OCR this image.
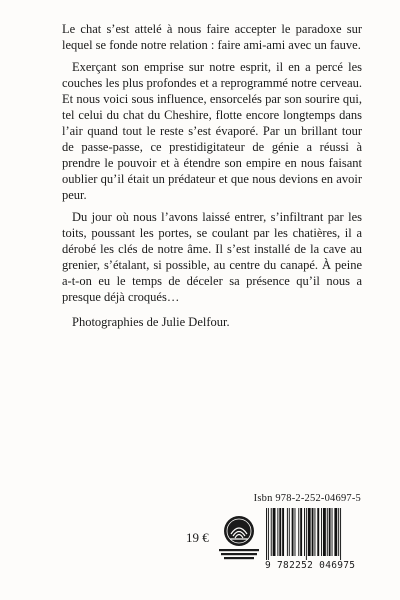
Le chat s’est attelé à nous faire accepter le paradoxe sur lequel se fonde notre relation : faire ami-ami avec un fauve.

Exerçant son emprise sur notre esprit, il en a percé les couches les plus profondes et a reprogrammé notre cerveau. Et nous voici sous influence, ensorcelés par son sourire qui, tel celui du chat du Cheshire, flotte encore longtemps dans l’air quand tout le reste s’est évaporé. Par un brillant tour de passe-passe, ce prestidigitateur de génie a réussi à prendre le pouvoir et à étendre son empire en nous faisant oublier qu’il était un prédateur et que nous devions en avoir peur.

Du jour où nous l’avons laissé entrer, s’infiltrant par les toits, poussant les portes, se coulant par les chatières, il a dérobé les clés de notre âme. Il s’est installé de la cave au grenier, s’étalant, si possible, au centre du canapé. À peine a-t-on eu le temps de déceler sa présence qu’il nous a presque déjà croqués…

Photographies de Julie Delfour.
Isbn 978-2-252-04697-5
19 €
9 782252 046975
